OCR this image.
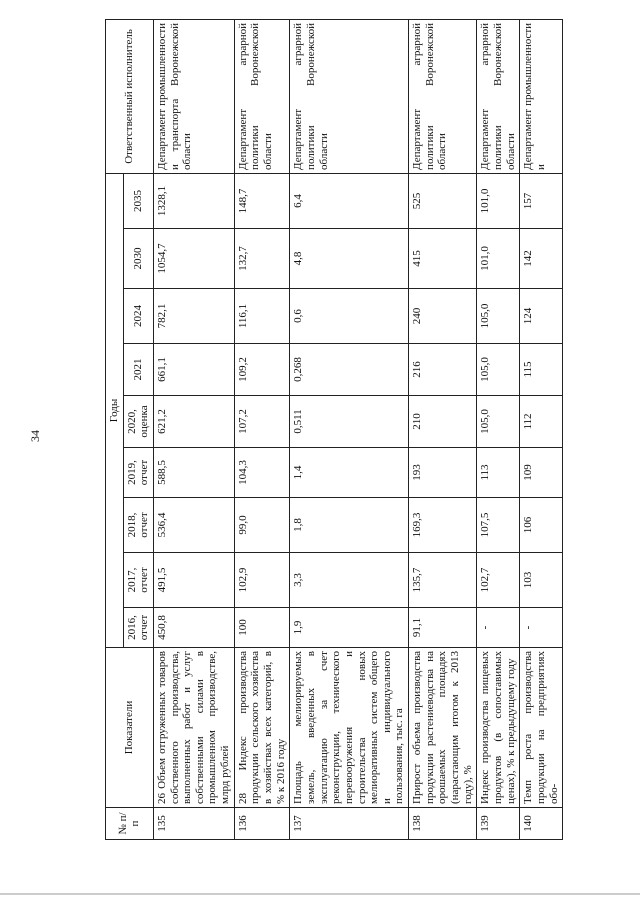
34
№ п/п	Показатели	Годы									Ответственный исполнитель
		2016, отчет	2017, отчет	2018, отчет	2019, отчет	2020, оценка	2021	2024	2030	2035	
135	26 Объем отгруженных товаров собственного производства, выполненных работ и услуг собственными силами в промышленном производстве, млрд рублей	450,8	491,5	536,4	588,5	621,2	661,1	782,1	1054,7	1328,1	Департамент промышленности и транспорта Воронежской области
136	28 Индекс производства продукции сельского хозяйства в хозяйствах всех категорий, в % к 2016 году	100	102,9	99,0	104,3	107,2	109,2	116,1	132,7	148,7	Департамент аграрной политики Воронежской области
137	Площадь мелиорируемых земель, введенных в эксплуатацию за счет реконструкции, технического перевооружения и строительства новых мелиоративных систем общего и индивидуального пользования, тыс. га	1,9	3,3	1,8	1,4	0,511	0,268	0,6	4,8	6,4	Департамент аграрной политики Воронежской области
138	Прирост объема производства продукции растениеводства на орошаемых площадях (нарастающим итогом к 2013 году), %	91,1	135,7	169,3	193	210	216	240	415	525	Департамент аграрной политики Воронежской области
139	Индекс производства пищевых продуктов (в сопоставимых ценах), % к предыдущему году	-	102,7	107,5	113	105,0	105,0	105,0	101,0	101,0	Департамент аграрной политики Воронежской области
140	Темп роста производства продукции на предприятиях обо-	-	103	106	109	112	115	124	142	157	Департамент промышленности и
